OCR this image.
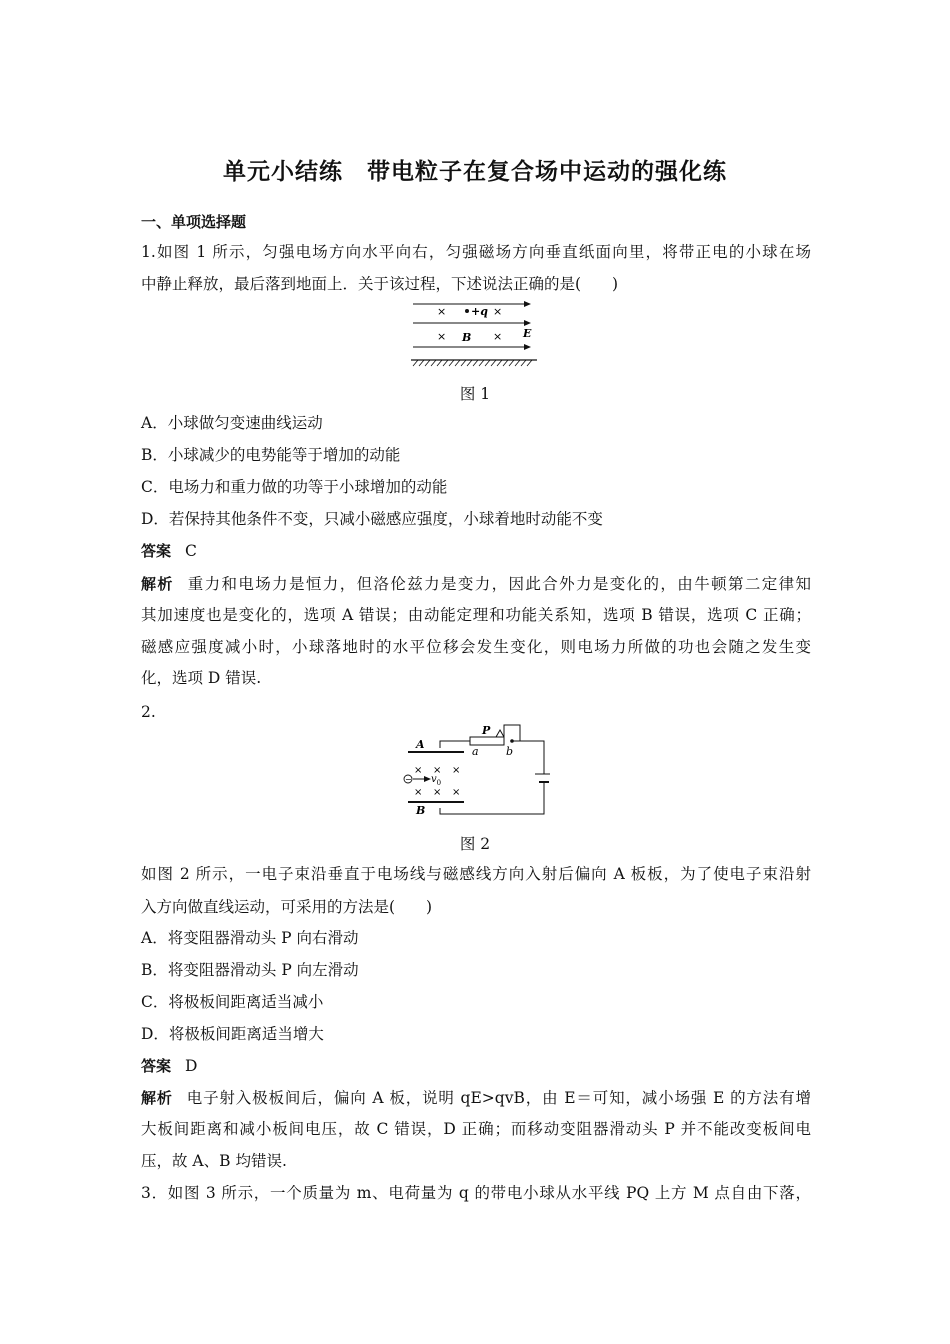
单元小结练　带电粒子在复合场中运动的强化练
一、单项选择题
1.如图 1 所示，匀强电场方向水平向右，匀强磁场方向垂直纸面向里，将带正电的小球在场
中静止释放，最后落到地面上．关于该过程，下述说法正确的是(　　)
× +q ×
× B × E
图 1
A．小球做匀变速曲线运动
B．小球减少的电势能等于增加的动能
C．电场力和重力做的功等于小球增加的动能
D．若保持其他条件不变，只减小磁感应强度，小球着地时动能不变
答案 C
解析 重力和电场力是恒力，但洛伦兹力是变力，因此合外力是变化的，由牛顿第二定律知
其加速度也是变化的，选项 A 错误；由动能定理和功能关系知，选项 B 错误，选项 C 正确；
磁感应强度减小时，小球落地时的水平位移会发生变化，则电场力所做的功也会随之发生变
化，选项 D 错误.
2.
A
B
P
a b
× × ×
− $v_0$
× ×
×
图 2
如图 2 所示，一电子束沿垂直于电场线与磁感线方向入射后偏向 A 板板，为了使电子束沿射
入方向做直线运动，可采用的方法是(　　)
A．将变阻器滑动头 P 向右滑动
B．将变阻器滑动头 P 向左滑动
C．将极板间距离适当减小
D．将极板间距离适当增大
答案 D
解析 电子射入极板间后，偏向 A 板，说明 qE>qvB，由 E＝可知，减小场强 E 的方法有增
大板间距离和减小板间电压，故 C 错误，D 正确；而移动变阻器滑动头 P 并不能改变板间电
压，故 A、B 均错误.
3．如图 3 所示，一个质量为 m、电荷量为 q 的带电小球从水平线 PQ 上方 M 点自由下落，
